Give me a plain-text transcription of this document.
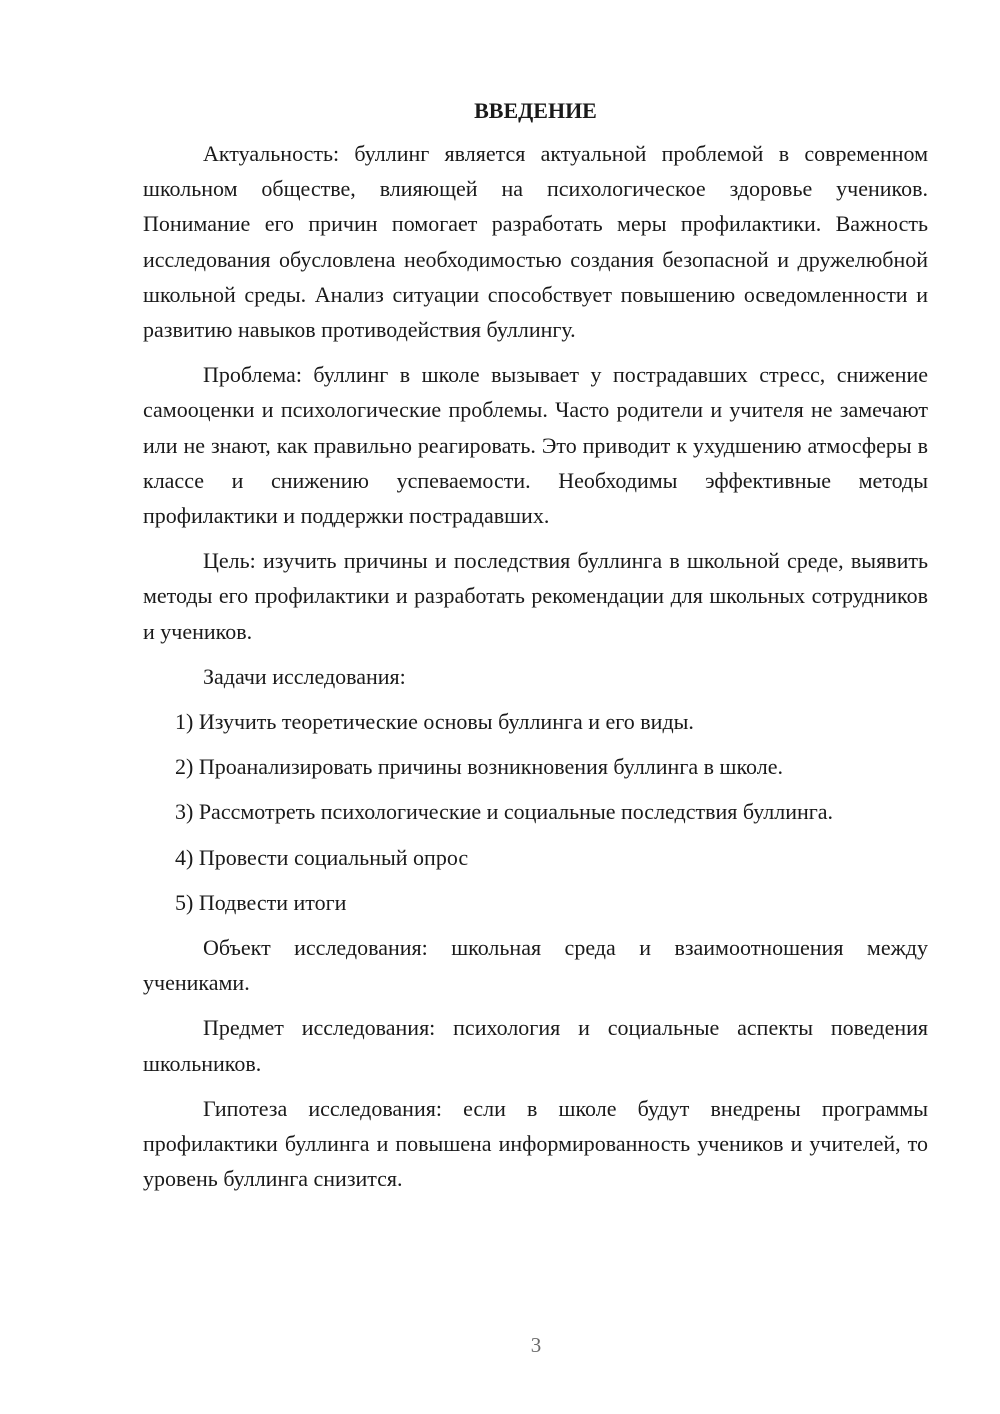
ВВЕДЕНИЕ

Актуальность: буллинг является актуальной проблемой в современном школьном обществе, влияющей на психологическое здоровье учеников. Понимание его причин помогает разработать меры профилактики. Важность исследования обусловлена необходимостью создания безопасной и дружелюбной школьной среды. Анализ ситуации способствует повышению осведомленности и развитию навыков противодействия буллингу.

Проблема: буллинг в школе вызывает у пострадавших стресс, снижение самооценки и психологические проблемы. Часто родители и учителя не замечают или не знают, как правильно реагировать. Это приводит к ухудшению атмосферы в классе и снижению успеваемости. Необходимы эффективные методы профилактики и поддержки пострадавших.

Цель: изучить причины и последствия буллинга в школьной среде, выявить методы его профилактики и разработать рекомендации для школьных сотрудников и учеников.

Задачи исследования:

1) Изучить теоретические основы буллинга и его виды.
2) Проанализировать причины возникновения буллинга в школе.
3) Рассмотреть психологические и социальные последствия буллинга.
4) Провести социальный опрос
5) Подвести итоги

Объект исследования: школьная среда и взаимоотношения между учениками.

Предмет исследования: психология и социальные аспекты поведения школьников.

Гипотеза исследования: если в школе будут внедрены программы профилактики буллинга и повышена информированность учеников и учителей, то уровень буллинга снизится.

3
